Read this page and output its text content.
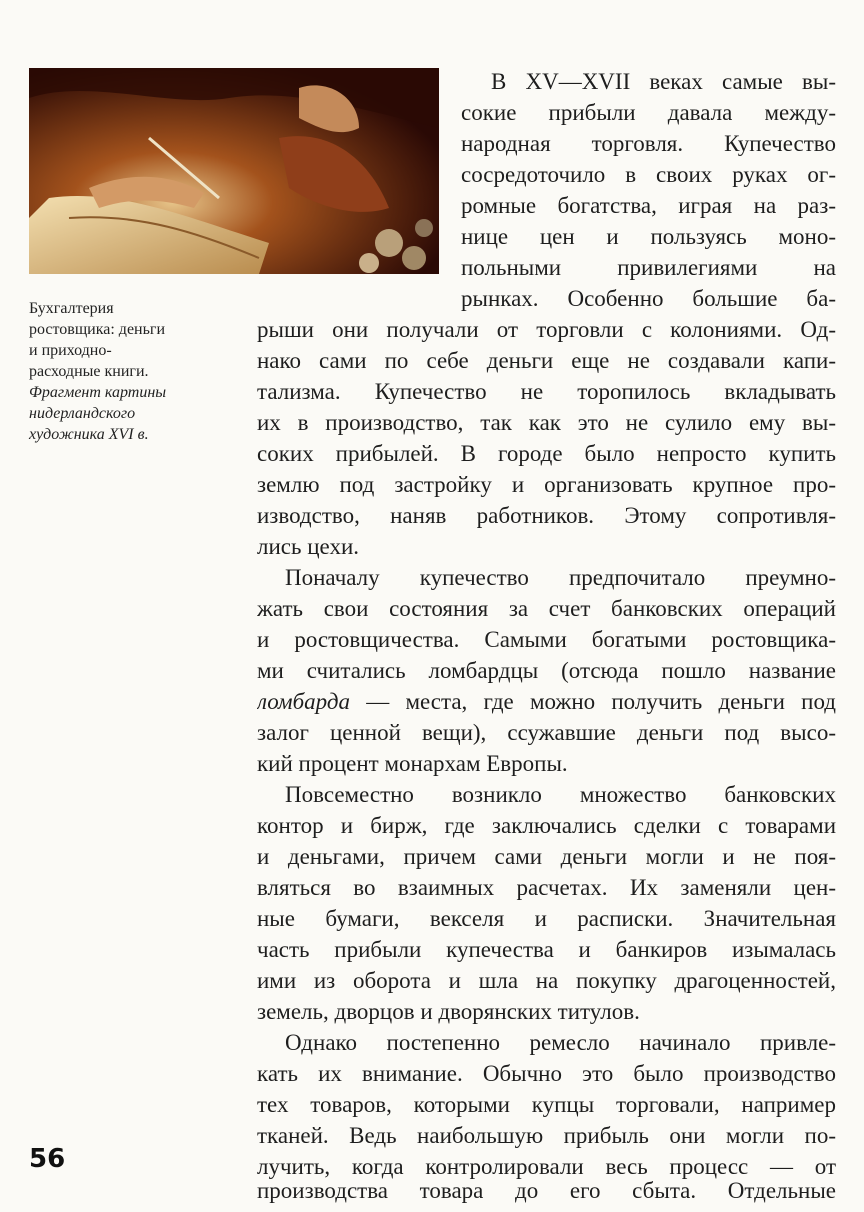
Бухгалтерия
ростовщика: деньги
и приходно-
расходные книги.
Фрагмент картины
нидерландского
художника XVI в.
В XV—XVII веках самые вы-
сокие прибыли давала между-
народная торговля. Купечество
сосредоточило в своих руках ог-
ромные богатства, играя на раз-
нице цен и пользуясь моно-
польными привилегиями на
рынках. Особенно большие ба-
рыши они получали от торговли с колониями. Од-
нако сами по себе деньги еще не создавали капи-
тализма. Купечество не торопилось вкладывать
их в производство, так как это не сулило ему вы-
соких прибылей. В городе было непросто купить
землю под застройку и организовать крупное про-
изводство, наняв работников. Этому сопротивля-
лись цехи.
Поначалу купечество предпочитало преумно-
жать свои состояния за счет банковских операций
и ростовщичества. Самыми богатыми ростовщика-
ми считались ломбардцы (отсюда пошло название
ломбарда — места, где можно получить деньги под
залог ценной вещи), ссужавшие деньги под высо-
кий процент монархам Европы.
Повсеместно возникло множество банковских
контор и бирж, где заключались сделки с товарами
и деньгами, причем сами деньги могли и не поя-
вляться во взаимных расчетах. Их заменяли цен-
ные бумаги, векселя и расписки. Значительная
часть прибыли купечества и банкиров изымалась
ими из оборота и шла на покупку драгоценностей,
земель, дворцов и дворянских титулов.
Однако постепенно ремесло начинало привле-
кать их внимание. Обычно это было производство
тех товаров, которыми купцы торговали, например
тканей. Ведь наибольшую прибыль они могли по-
лучить, когда контролировали весь процесс — от
производства товара до его сбыта. Отдельные
56
